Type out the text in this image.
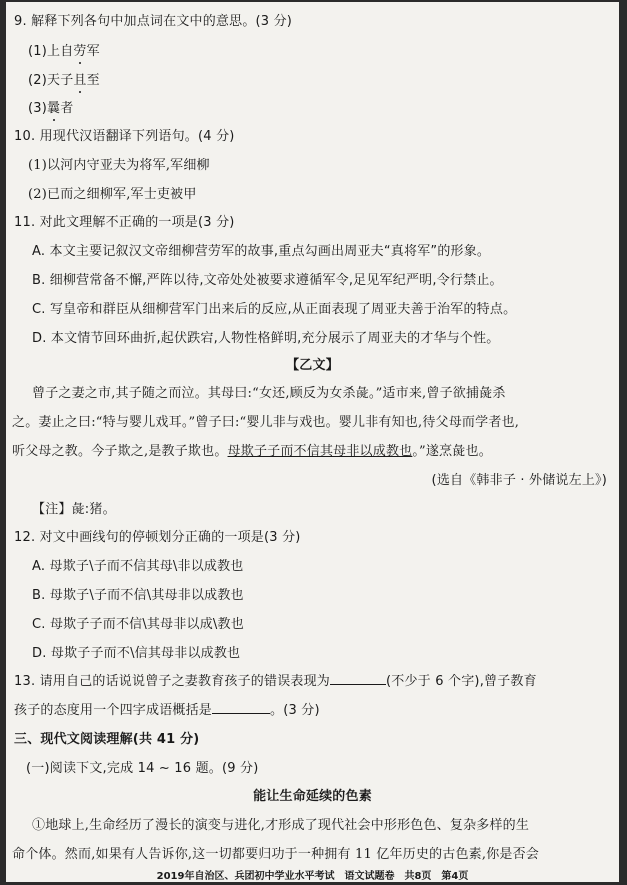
9. 解释下列各句中加点词在文中的意思。(3 分)
(1)上自劳军
(2)天子且至
(3)曩者
10. 用现代汉语翻译下列语句。(4 分)
(1)以河内守亚夫为将军,军细柳
(2)已而之细柳军,军士吏被甲
11. 对此文理解不正确的一项是(3 分)
A. 本文主要记叙汉文帝细柳营劳军的故事,重点勾画出周亚夫“真将军”的形象。
B. 细柳营常备不懈,严阵以待,文帝处处被要求遵循军令,足见军纪严明,令行禁止。
C. 写皇帝和群臣从细柳营军门出来后的反应,从正面表现了周亚夫善于治军的特点。
D. 本文情节回环曲折,起伏跌宕,人物性格鲜明,充分展示了周亚夫的才华与个性。
【乙文】
曾子之妻之市,其子随之而泣。其母曰:“女还,顾反为女杀彘。”适市来,曾子欲捕彘杀
之。妻止之曰:“特与婴儿戏耳。”曾子曰:“婴儿非与戏也。婴儿非有知也,待父母而学者也,
听父母之教。今子欺之,是教子欺也。母欺子子而不信其母非以成教也。”遂烹彘也。
(选自《韩非子 · 外储说左上》)
【注】彘:猪。
12. 对文中画线句的停顿划分正确的一项是(3 分)
A. 母欺子\子而不信其母\非以成教也
B. 母欺子\子而不信\其母非以成教也
C. 母欺子子而不信\其母非以成\教也
D. 母欺子子而不\信其母非以成教也
13. 请用自己的话说说曾子之妻教育孩子的错误表现为	(不少于 6 个字),曾子教育
孩子的态度用一个四字成语概括是	。(3 分)
三、现代文阅读理解(共 41 分)
(一)阅读下文,完成 14 ~ 16 题。(9 分)
能让生命延续的色素
①地球上,生命经历了漫长的演变与进化,才形成了现代社会中形形色色、复杂多样的生
命个体。然而,如果有人告诉你,这一切都要归功于一种拥有 11 亿年历史的古色素,你是否会
2019年自治区、兵团初中学业水平考试　语文试题卷　共8页　第4页
